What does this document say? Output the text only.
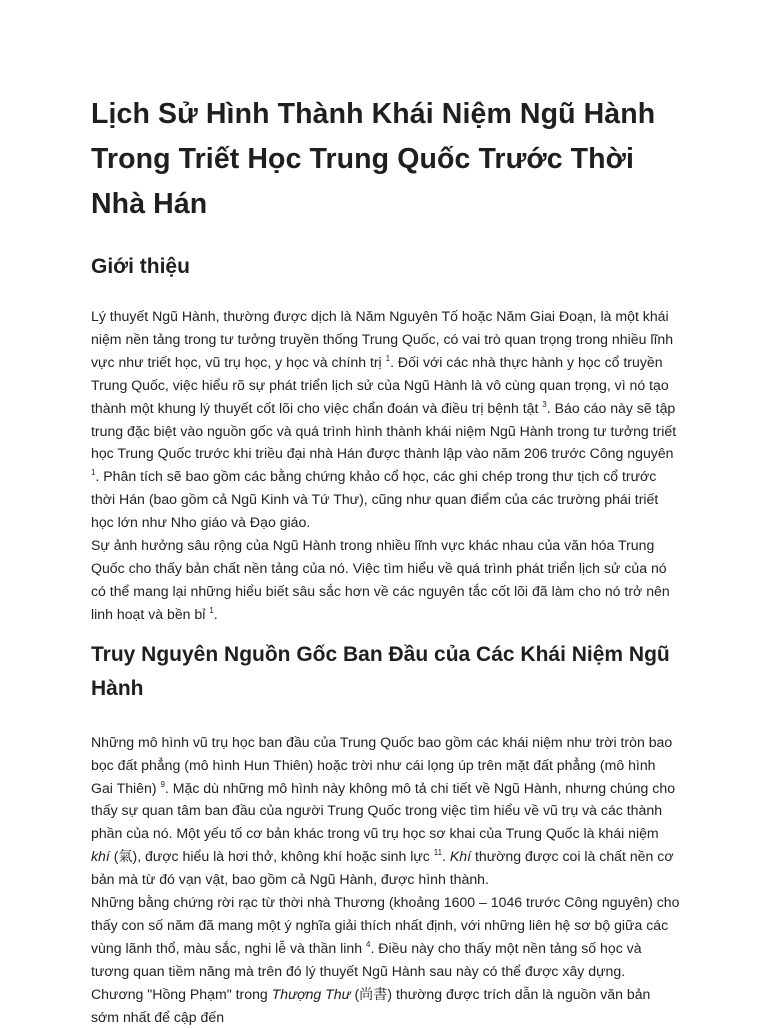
Lịch Sử Hình Thành Khái Niệm Ngũ Hành Trong Triết Học Trung Quốc Trước Thời Nhà Hán
Giới thiệu

Lý thuyết Ngũ Hành, thường được dịch là Năm Nguyên Tố hoặc Năm Giai Đoạn, là một khái niệm nền tảng trong tư tưởng truyền thống Trung Quốc, có vai trò quan trọng trong nhiều lĩnh vực như triết học, vũ trụ học, y học và chính trị $^1$. Đối với các nhà thực hành y học cổ truyền Trung Quốc, việc hiểu rõ sự phát triển lịch sử của Ngũ Hành là vô cùng quan trọng, vì nó tạo thành một khung lý thuyết cốt lõi cho việc chẩn đoán và điều trị bệnh tật $^3$. Báo cáo này sẽ tập trung đặc biệt vào nguồn gốc và quá trình hình thành khái niệm Ngũ Hành trong tư tưởng triết học Trung Quốc trước khi triều đại nhà Hán được thành lập vào năm 206 trước Công nguyên $^1$. Phân tích sẽ bao gồm các bằng chứng khảo cổ học, các ghi chép trong thư tịch cổ trước thời Hán (bao gồm cả Ngũ Kinh và Tứ Thư), cũng như quan điểm của các trường phái triết học lớn như Nho giáo và Đạo giáo.

Sự ảnh hưởng sâu rộng của Ngũ Hành trong nhiều lĩnh vực khác nhau của văn hóa Trung Quốc cho thấy bản chất nền tảng của nó. Việc tìm hiểu về quá trình phát triển lịch sử của nó có thể mang lại những hiểu biết sâu sắc hơn về các nguyên tắc cốt lõi đã làm cho nó trở nên linh hoạt và bền bỉ $^1$.

Truy Nguyên Nguồn Gốc Ban Đầu của Các Khái Niệm Ngũ Hành

Những mô hình vũ trụ học ban đầu của Trung Quốc bao gồm các khái niệm như trời tròn bao bọc đất phẳng (mô hình Hun Thiên) hoặc trời như cái lọng úp trên mặt đất phẳng (mô hình Gai Thiên) $^9$. Mặc dù những mô hình này không mô tả chi tiết về Ngũ Hành, nhưng chúng cho thấy sự quan tâm ban đầu của người Trung Quốc trong việc tìm hiểu về vũ trụ và các thành phần của nó. Một yếu tố cơ bản khác trong vũ trụ học sơ khai của Trung Quốc là khái niệm khí (氣), được hiểu là hơi thở, không khí hoặc sinh lực $^{11}$. Khí thường được coi là chất nền cơ bản mà từ đó vạn vật, bao gồm cả Ngũ Hành, được hình thành.

Những bằng chứng rời rạc từ thời nhà Thương (khoảng 1600 – 1046 trước Công nguyên) cho thấy con số năm đã mang một ý nghĩa giải thích nhất định, với những liên hệ sơ bộ giữa các vùng lãnh thổ, màu sắc, nghi lễ và thần linh $^4$. Điều này cho thấy một nền tảng số học và tương quan tiềm năng mà trên đó lý thuyết Ngũ Hành sau này có thể được xây dựng. Chương "Hồng Phạm" trong Thượng Thư (尚書) thường được trích dẫn là nguồn văn bản sớm nhất để cập đến
